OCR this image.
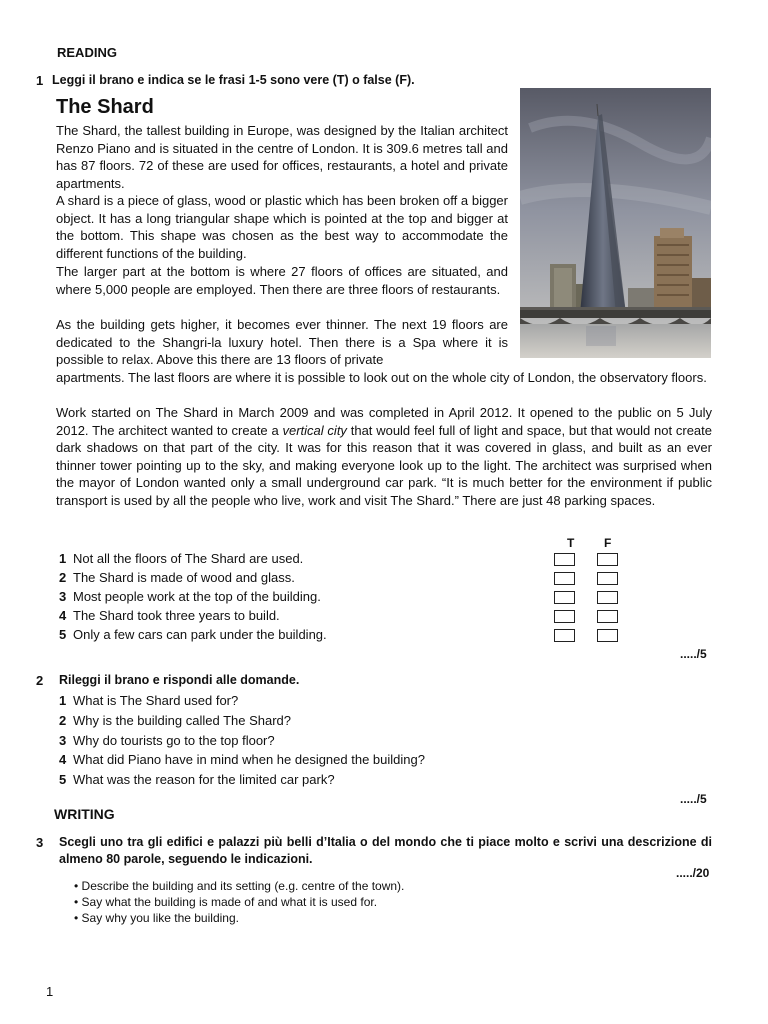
READING
1 Leggi il brano e indica se le frasi 1-5 sono vere (T) o false (F).
The Shard

The Shard, the tallest building in Europe, was designed by the Italian architect Renzo Piano and is situated in the centre of London. It is 309.6 metres tall and has 87 floors. 72 of these are used for offices, restaurants, a hotel and private apartments.

A shard is a piece of glass, wood or plastic which has been broken off a bigger object. It has a long triangular shape which is pointed at the top and bigger at the bottom. This shape was chosen as the best way to accommodate the different functions of the building.

The larger part at the bottom is where 27 floors of offices are situated, and where 5,000 people are employed. Then there are three floors of restaurants.

As the building gets higher, it becomes ever thinner. The next 19 floors are dedicated to the Shangri-la luxury hotel. Then there is a Spa where it is possible to relax. Above this there are 13 floors of private

apartments. The last floors are where it is possible to look out on the whole city of London, the observatory floors.

Work started on The Shard in March 2009 and was completed in April 2012. It opened to the public on 5 July 2012. The architect wanted to create a vertical city that would feel full of light and space, but that would not create dark shadows on that part of the city. It was for this reason that it was covered in glass, and built as an ever thinner tower pointing up to the sky, and making everyone look up to the light. The architect was surprised when the mayor of London wanted only a small underground car park. “It is much better for the environment if public transport is used by all the people who live, work and visit The Shard.” There are just 48 parking spaces.

T F
1 Not all the floors of The Shard are used.
2 The Shard is made of wood and glass.
3 Most people work at the top of the building.
4 The Shard took three years to build.
5 Only a few cars can park under the building.
...../5
2 Rileggi il brano e rispondi alle domande.
1 What is The Shard used for?
2 Why is the building called The Shard?
3 Why do tourists go to the top floor?
4 What did Piano have in mind when he designed the building?
5 What was the reason for the limited car park?
...../5
WRITING
3 Scegli uno tra gli edifici e palazzi più belli d’Italia o del mondo che ti piace molto e scrivi una descrizione di almeno 80 parole, seguendo le indicazioni.
...../20
• Describe the building and its setting (e.g. centre of the town).
• Say what the building is made of and what it is used for.
• Say why you like the building.
1
